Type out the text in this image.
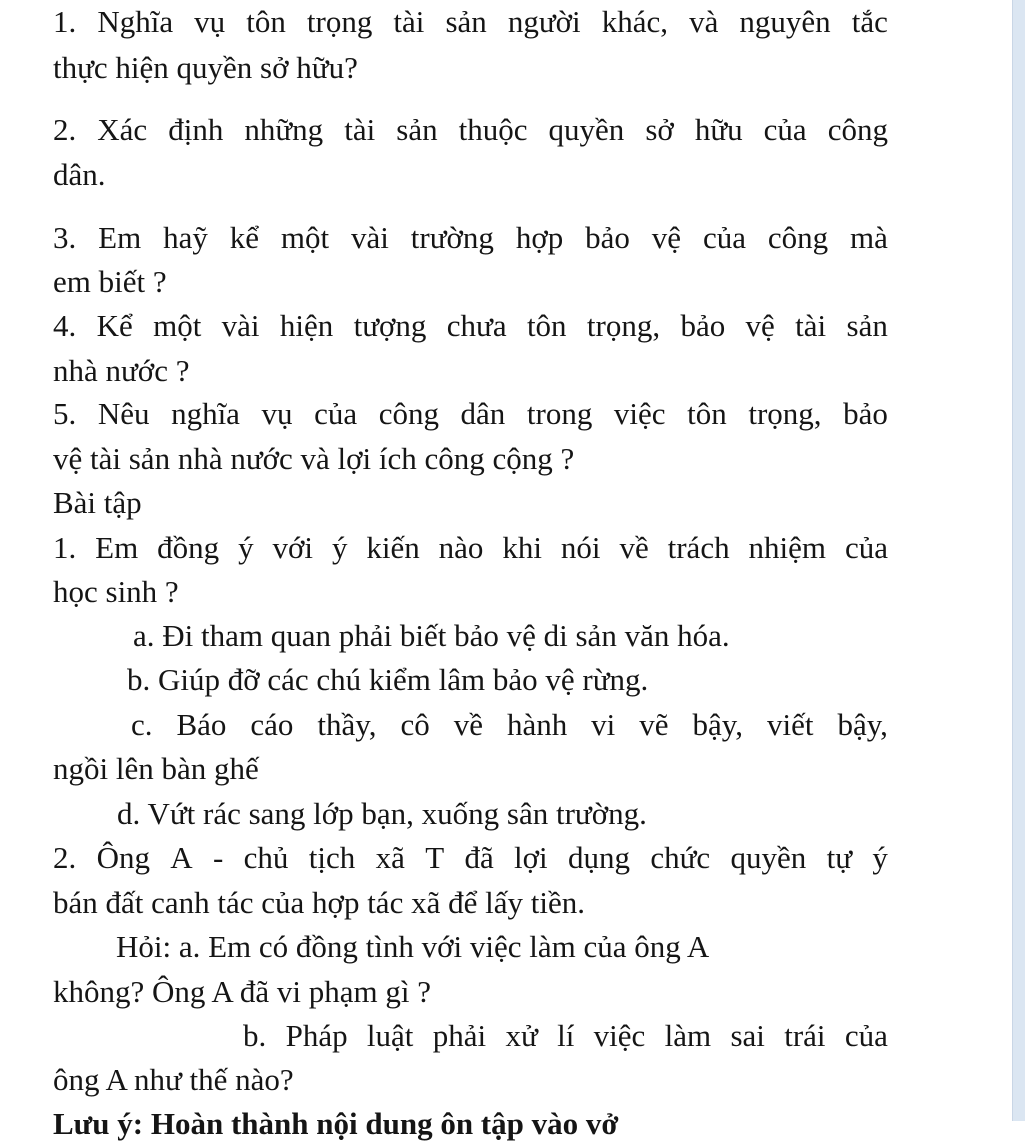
1. Nghĩa vụ tôn trọng tài sản người khác, và nguyên tắc
thực hiện quyền sở hữu?
2. Xác định những tài sản thuộc quyền sở hữu của công
dân.
3. Em haỹ kể một vài trường hợp bảo vệ của công mà
em biết ?
4. Kể một vài hiện tượng chưa tôn trọng, bảo vệ tài sản
nhà nước ?
5. Nêu nghĩa vụ của công dân trong việc tôn trọng, bảo
vệ tài sản nhà nước và lợi ích công cộng ?
Bài tập
1. Em đồng ý với ý kiến nào khi nói về trách nhiệm của
học sinh ?
a. Đi tham quan phải biết bảo vệ di sản văn hóa.
b. Giúp đỡ các chú kiểm lâm bảo vệ rừng.
c. Báo cáo thầy, cô về hành vi vẽ bậy, viết bậy,
ngồi lên bàn ghế
d. Vứt rác sang lớp bạn, xuống sân trường.
2. Ông A - chủ tịch xã T đã lợi dụng chức quyền tự ý
bán đất canh tác của hợp tác xã để lấy tiền.
Hỏi: a. Em có đồng tình với việc làm của ông A
không? Ông A đã vi phạm gì ?
b. Pháp luật phải xử lí việc làm sai trái của
ông A như thế nào?
Lưu ý: Hoàn thành nội dung ôn tập vào vở
